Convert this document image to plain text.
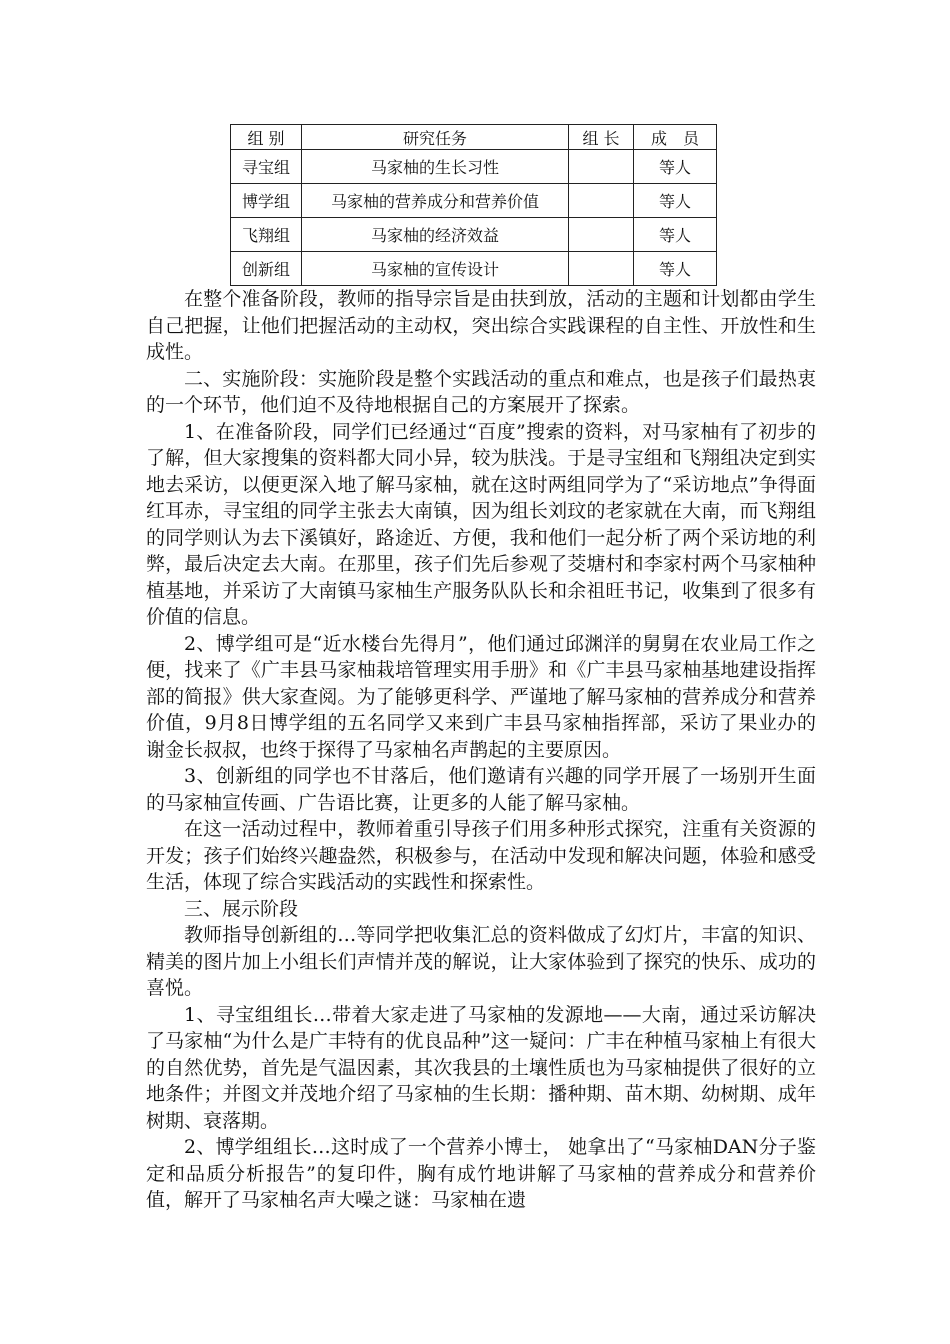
组 别	研究任务	组 长	成　员
寻宝组	马家柚的生长习性		等人
博学组	马家柚的营养成分和营养价值		等人
飞翔组	马家柚的经济效益		等人
创新组	马家柚的宣传设计		等人

在整个准备阶段，教师的指导宗旨是由扶到放，活动的主题和计划都由学生自己把握，让他们把握活动的主动权，突出综合实践课程的自主性、开放性和生成性。

二、实施阶段：实施阶段是整个实践活动的重点和难点，也是孩子们最热衷的一个环节，他们迫不及待地根据自己的方案展开了探索。

1、在准备阶段，同学们已经通过“百度”搜索的资料，对马家柚有了初步的了解，但大家搜集的资料都大同小异，较为肤浅。于是寻宝组和飞翔组决定到实地去采访，以便更深入地了解马家柚，就在这时两组同学为了“采访地点”争得面红耳赤，寻宝组的同学主张去大南镇，因为组长刘玟的老家就在大南，而飞翔组的同学则认为去下溪镇好，路途近、方便，我和他们一起分析了两个采访地的利弊，最后决定去大南。在那里，孩子们先后参观了茭塘村和李家村两个马家柚种植基地，并采访了大南镇马家柚生产服务队队长和余祖旺书记，收集到了很多有价值的信息。

2、博学组可是“近水楼台先得月”，他们通过邱渊洋的舅舅在农业局工作之便，找来了《广丰县马家柚栽培管理实用手册》和《广丰县马家柚基地建设指挥部的简报》供大家查阅。为了能够更科学、严谨地了解马家柚的营养成分和营养价值，9月8日博学组的五名同学又来到广丰县马家柚指挥部，采访了果业办的谢金长叔叔，也终于探得了马家柚名声鹊起的主要原因。

3、创新组的同学也不甘落后，他们邀请有兴趣的同学开展了一场别开生面的马家柚宣传画、广告语比赛，让更多的人能了解马家柚。

在这一活动过程中，教师着重引导孩子们用多种形式探究，注重有关资源的开发；孩子们始终兴趣盎然，积极参与，在活动中发现和解决问题，体验和感受生活，体现了综合实践活动的实践性和探索性。

三、展示阶段

教师指导创新组的…等同学把收集汇总的资料做成了幻灯片，丰富的知识、精美的图片加上小组长们声情并茂的解说，让大家体验到了探究的快乐、成功的喜悦。

1、寻宝组组长…带着大家走进了马家柚的发源地——大南，通过采访解决了马家柚“为什么是广丰特有的优良品种”这一疑问：广丰在种植马家柚上有很大的自然优势，首先是气温因素，其次我县的土壤性质也为马家柚提供了很好的立地条件；并图文并茂地介绍了马家柚的生长期：播种期、苗木期、幼树期、成年树期、衰落期。

2、博学组组长…这时成了一个营养小博士， 她拿出了“马家柚DAN分子鉴定和品质分析报告”的复印件，胸有成竹地讲解了马家柚的营养成分和营养价值，解开了马家柚名声大噪之谜：马家柚在遗
